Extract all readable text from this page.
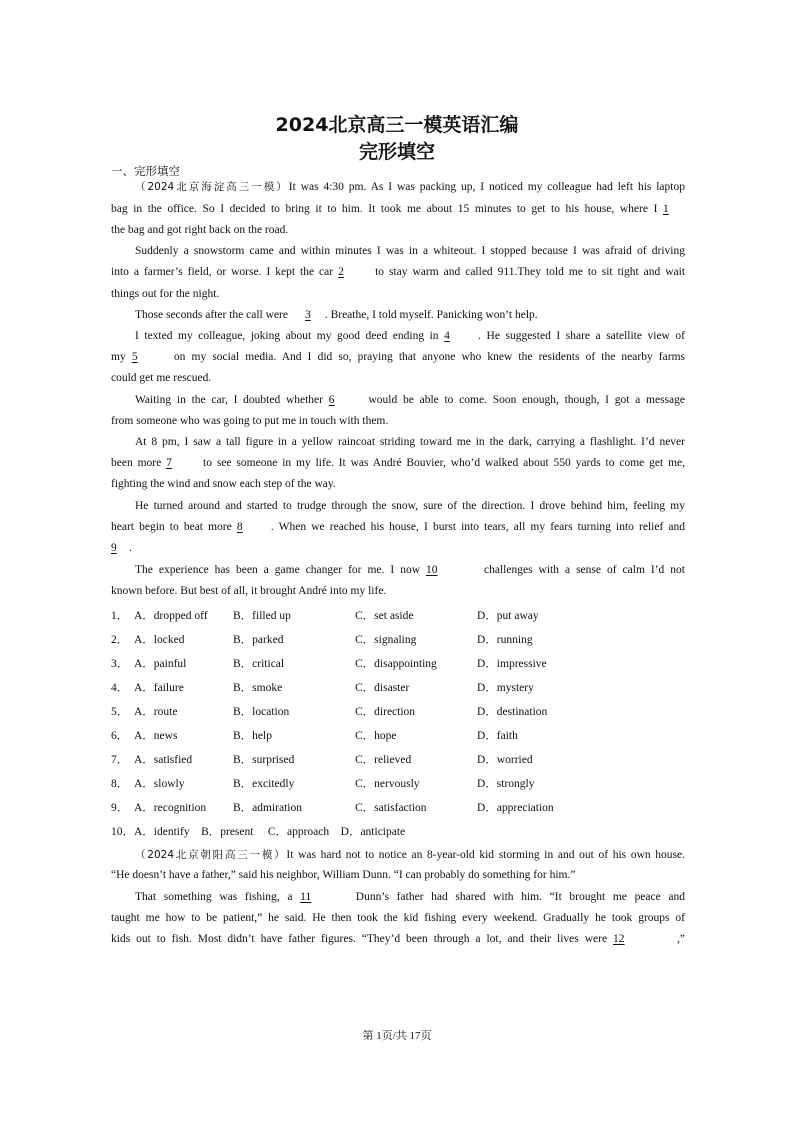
2024北京高三一模英语汇编
完形填空
一、完形填空
（2024北京海淀高三一模）It was 4:30 pm. As I was packing up, I noticed my colleague had left his laptop
bag in the office. So I decided to bring it to him. It took me about 15 minutes to get to his house, where I 1
the bag and got right back on the road.
Suddenly a snowstorm came and within minutes I was in a whiteout. I stopped because I was afraid of driving
into a farmer’s field, or worse. I kept the car 2	to stay warm and called 911.They told me to sit tight and wait
things out for the night.
Those seconds after the call were 3 . Breathe, I told myself. Panicking won’t help.
I texted my colleague, joking about my good deed ending in 4 . He suggested I share a satellite view of
my 5	on my social media. And I did so, praying that anyone who knew the residents of the nearby farms
could get me rescued.
Waiting in the car, I doubted whether 6	would be able to come. Soon enough, though, I got a message
from someone who was going to put me in touch with them.
At 8 pm, I saw a tall figure in a yellow raincoat striding toward me in the dark, carrying a flashlight. I’d never
been more 7	to see someone in my life. It was André Bouvier, who’d walked about 550 yards to come get me,
fighting the wind and snow each step of the way.
He turned around and started to trudge through the snow, sure of the direction. I drove behind him, feeling my
heart begin to beat more 8 . When we reached his house, I burst into tears, all my fears turning into relief and
9 .
The experience has been a game changer for me. I now 10	challenges with a sense of calm I’d not
known before. But best of all, it brought André into my life.
1． A．dropped off B．filled up	C．set aside	D．put away
2． A．locked	B．parked	C．signaling	D．running
3． A．painful	B．critical	C．disappointing	D．impressive
4． A．failure	B．smoke	C．disaster	D．mystery
5． A．route	B．location	C．direction	D．destination
6． A．news	B．help	C．hope	D．faith
7． A．satisfied	B．surprised	C．relieved	D．worried
8． A．slowly	B．excitedly	C．nervously	D．strongly
9． A．recognition B．admiration	C．satisfaction	D．appreciation
10．A．identify　B．present　 C．approach　D．anticipate
（2024北京朝阳高三一模）It was hard not to notice an 8-year-old kid storming in and out of his own house.
“He doesn’t have a father,” said his neighbor, William Dunn. “I can probably do something for him.”
That something was fishing, a 11	Dunn’s father had shared with him. “It brought me peace and
taught me how to be patient,” he said. He then took the kid fishing every weekend. Gradually he took groups of
kids out to fish. Most didn’t have father figures. “They’d been through a lot, and their lives were 12	,”
第 1页/共 17页
